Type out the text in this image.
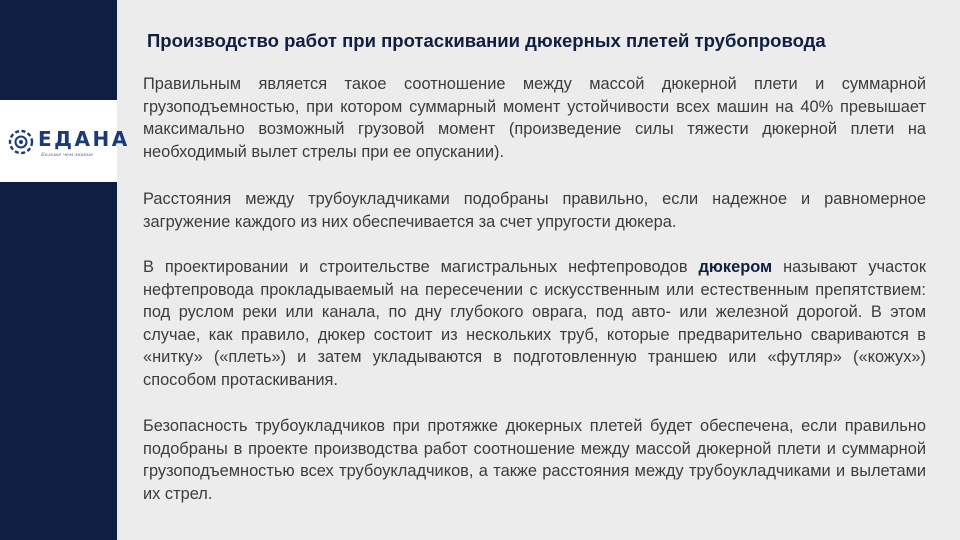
ЕДАНА
Больше чем знание
Производство работ при протаскивании дюкерных плетей трубопровода

Правильным является такое соотношение между массой дюкерной плети и суммарной грузоподъемностью, при котором суммарный момент устойчивости всех машин на 40% превышает максимально возможный грузовой момент (произведение силы тяжести дюкерной плети на необходимый вылет стрелы при ее опускании).

Расстояния между трубоукладчиками подобраны правильно, если надежное и равномерное загружение каждого из них обеспечивается за счет упругости дюкера.

В проектировании и строительстве магистральных нефтепроводов дюкером называют участок нефтепровода прокладываемый на пересечении с искусственным или естественным препятствием: под руслом реки или канала, по дну глубокого оврага, под авто- или железной дорогой. В этом случае, как правило, дюкер состоит из нескольких труб, которые предварительно свариваются в «нитку» («плеть») и затем укладываются в подготовленную траншею или «футляр» («кожух») способом протаскивания.

Безопасность трубоукладчиков при протяжке дюкерных плетей будет обеспечена, если правильно подобраны в проекте производства работ соотношение между массой дюкерной плети и суммарной грузоподъемностью всех трубоукладчиков, а также расстояния между трубоукладчиками и вылетами их стрел.
